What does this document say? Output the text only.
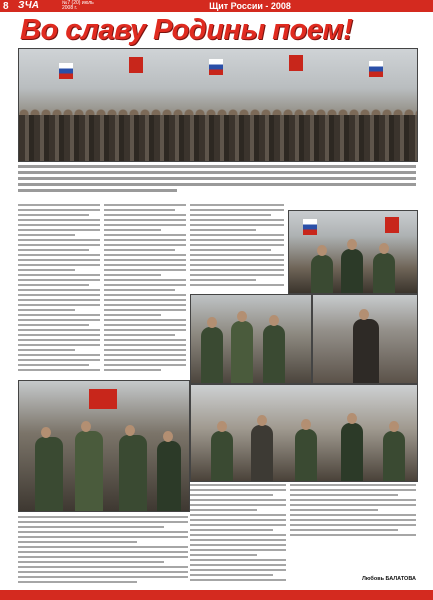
8 ЗЧА	№7 (20) июль 2008 г.	Щит России - 2008
Во славу Родины поем!
Любовь БАЛАТОВА
